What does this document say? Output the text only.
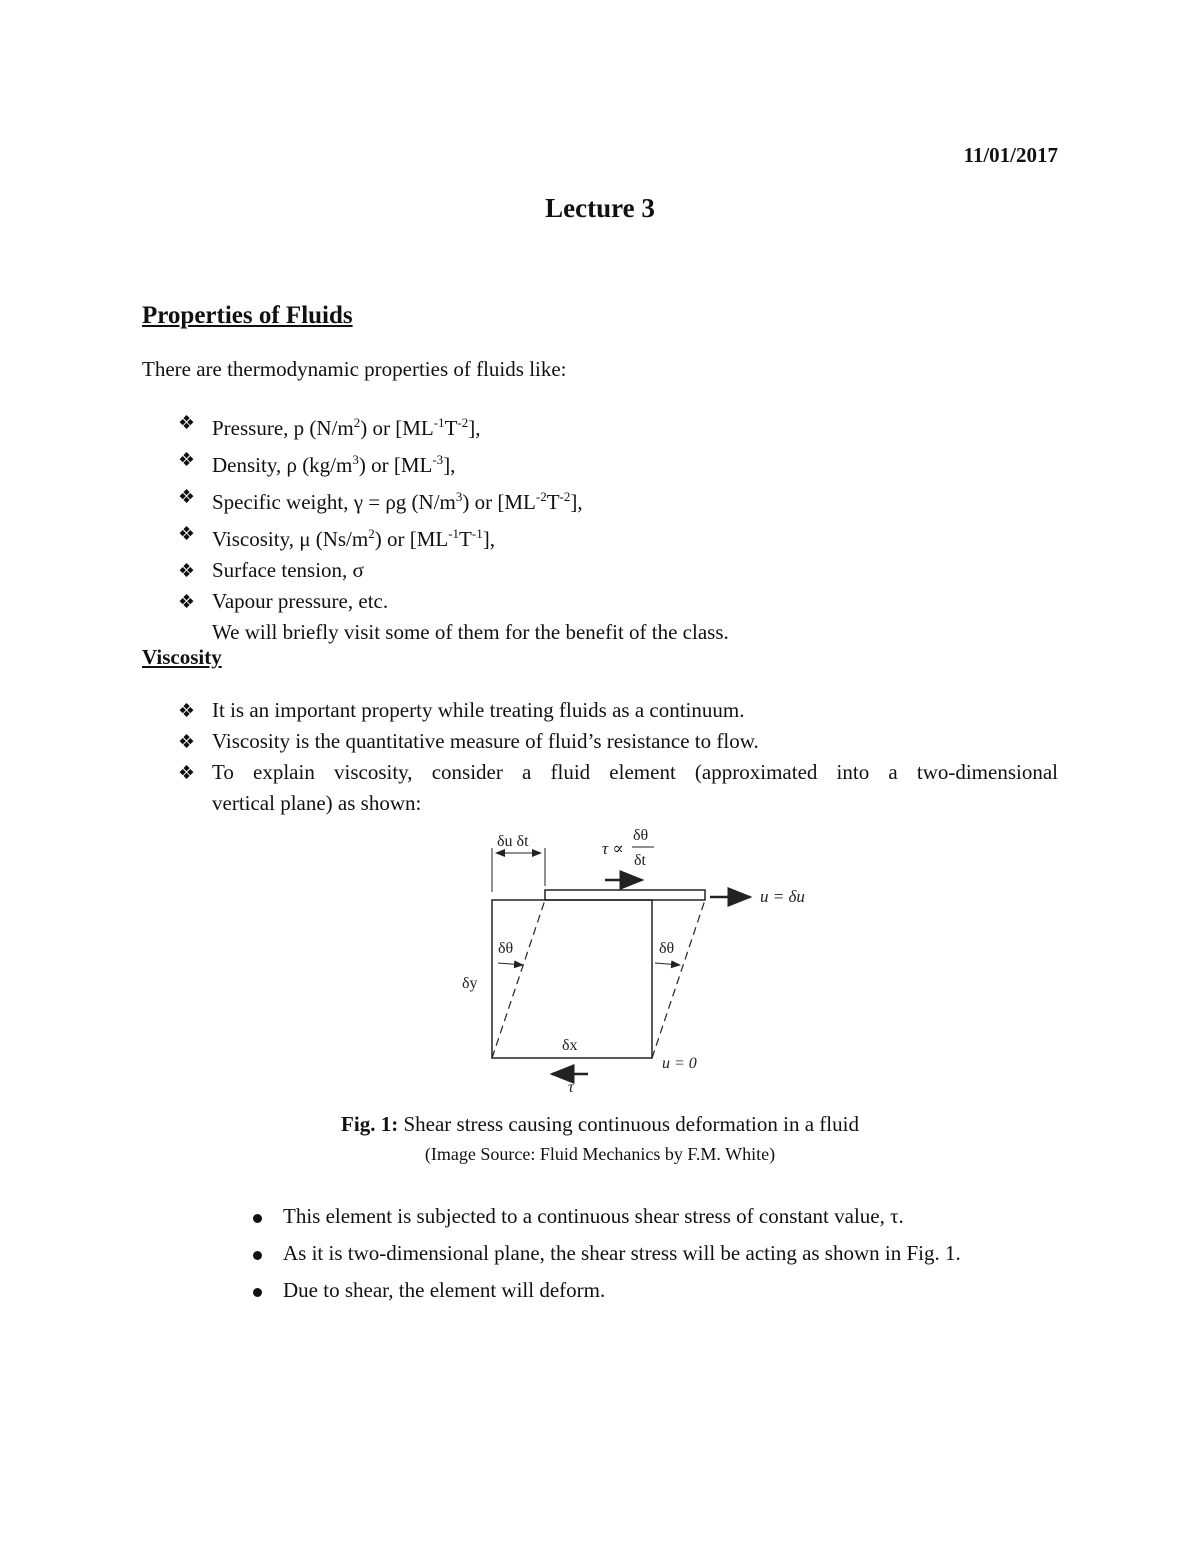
11/01/2017
Lecture 3
Properties of Fluids
There are thermodynamic properties of fluids like:
❖ Pressure, p $(N/m^2)$ or $[ML^{-1}T^{-2}]$,
❖ Density, ρ $(kg/m^3)$ or $[ML^{-3}]$,
❖ Specific weight, γ = ρg $(N/m^3)$ or $[ML^{-2}T^{-2}]$,
❖ Viscosity, μ $(Ns/m^2)$ or $[ML^{-1}T^{-1}]$,
❖ Surface tension, σ
❖ Vapour pressure, etc.
We will briefly visit some of them for the benefit of the class.
Viscosity
❖ It is an important property while treating fluids as a continuum.
❖ Viscosity is the quantitative measure of fluid’s resistance to flow.
❖ To explain viscosity, consider a fluid element (approximated into a two-dimensional
vertical plane) as shown:
δu δt	τ ∝
δθ
δt
u = δu
δθ	δθ
δy
δx
u = 0
τ
Fig. 1: Shear stress causing continuous deformation in a fluid
(Image Source: Fluid Mechanics by F.M. White)
This element is subjected to a continuous shear stress of constant value, τ.
As it is two-dimensional plane, the shear stress will be acting as shown in Fig. 1.
Due to shear, the element will deform.
